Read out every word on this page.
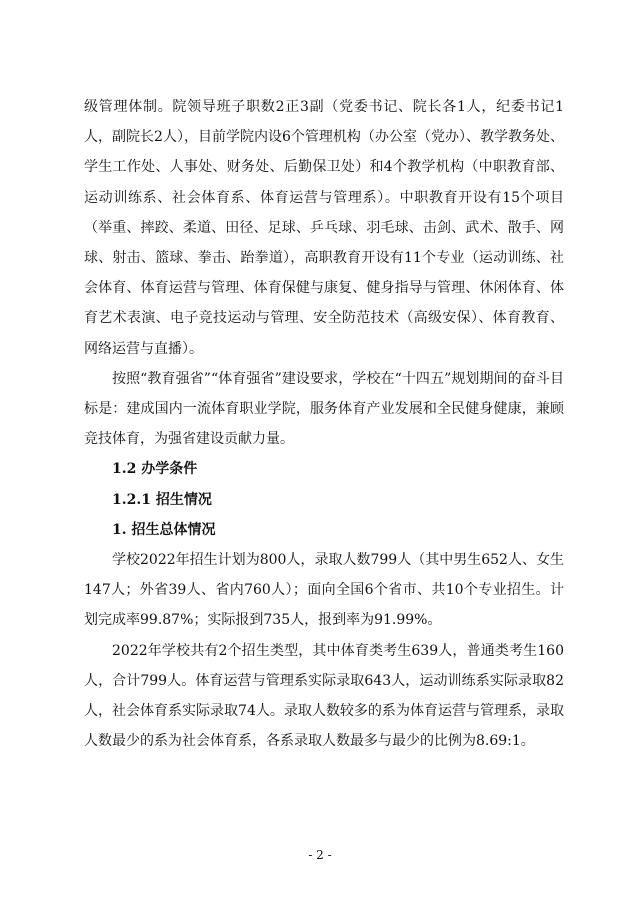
级管理体制。院领导班子职数2正3副（党委书记、院长各1人，纪委书记1人，副院长2人），目前学院内设6个管理机构（办公室（党办）、教学教务处、学生工作处、人事处、财务处、后勤保卫处）和4个教学机构（中职教育部、运动训练系、社会体育系、体育运营与管理系）。中职教育开设有15个项目（举重、摔跤、柔道、田径、足球、乒乓球、羽毛球、击剑、武术、散手、网球、射击、篮球、拳击、跆拳道），高职教育开设有11个专业（运动训练、社会体育、体育运营与管理、体育保健与康复、健身指导与管理、休闲体育、体育艺术表演、电子竞技运动与管理、安全防范技术（高级安保）、体育教育、网络运营与直播）。

按照“教育强省”“体育强省”建设要求，学校在“十四五”规划期间的奋斗目标是：建成国内一流体育职业学院，服务体育产业发展和全民健身健康，兼顾竞技体育，为强省建设贡献力量。

1.2 办学条件
1.2.1 招生情况
1. 招生总体情况

学校2022年招生计划为800人，录取人数799人（其中男生652人、女生147人；外省39人、省内760人）；面向全国6个省市、共10个专业招生。计划完成率99.87%；实际报到735人，报到率为91.99%。

2022年学校共有2个招生类型，其中体育类考生639人，普通类考生160人，合计799人。体育运营与管理系实际录取643人，运动训练系实际录取82人，社会体育系实际录取74人。录取人数较多的系为体育运营与管理系，录取人数最少的系为社会体育系，各系录取人数最多与最少的比例为8.69:1。

- 2 -
